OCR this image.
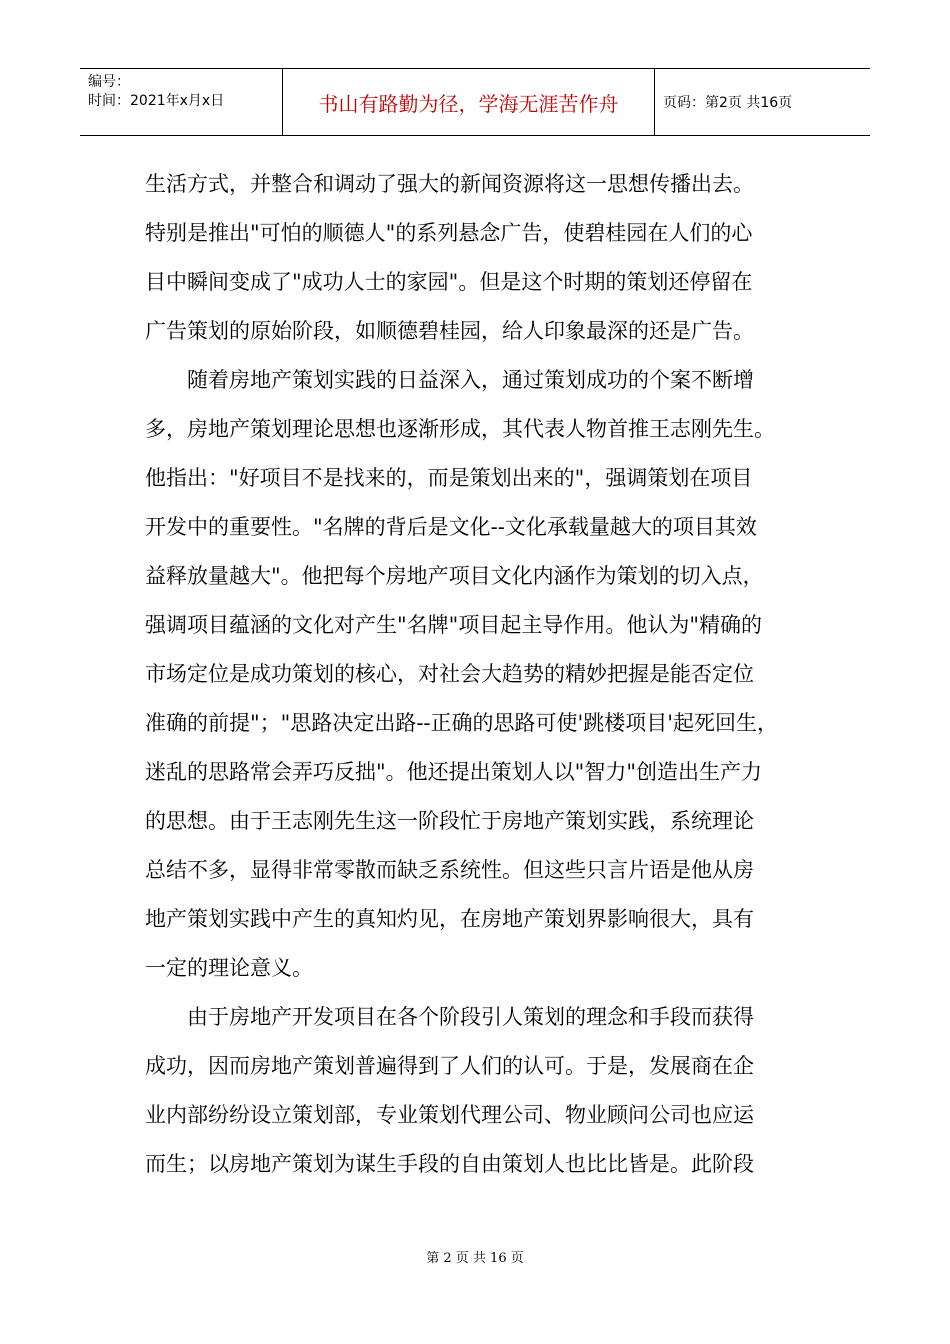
编号：
时间：2021年x月x日	书山有路勤为径，学海无涯苦作舟	页码：第2页 共16页
生活方式，并整合和调动了强大的新闻资源将这一思想传播出去。
特别是推出"可怕的顺德人"的系列悬念广告，使碧桂园在人们的心
目中瞬间变成了"成功人士的家园"。但是这个时期的策划还停留在
广告策划的原始阶段，如顺德碧桂园，给人印象最深的还是广告。
　　随着房地产策划实践的日益深入，通过策划成功的个案不断增
多，房地产策划理论思想也逐渐形成，其代表人物首推王志刚先生。
他指出："好项目不是找来的，而是策划出来的"，强调策划在项目
开发中的重要性。"名牌的背后是文化--文化承载量越大的项目其效
益释放量越大"。他把每个房地产项目文化内涵作为策划的切入点，
强调项目蕴涵的文化对产生"名牌"项目起主导作用。他认为"精确的
市场定位是成功策划的核心，对社会大趋势的精妙把握是能否定位
准确的前提"；"思路决定出路--正确的思路可使'跳楼项目'起死回生，
迷乱的思路常会弄巧反拙"。他还提出策划人以"智力"创造出生产力
的思想。由于王志刚先生这一阶段忙于房地产策划实践，系统理论
总结不多，显得非常零散而缺乏系统性。但这些只言片语是他从房
地产策划实践中产生的真知灼见，在房地产策划界影响很大，具有
一定的理论意义。
　　由于房地产开发项目在各个阶段引人策划的理念和手段而获得
成功，因而房地产策划普遍得到了人们的认可。于是，发展商在企
业内部纷纷设立策划部，专业策划代理公司、物业顾问公司也应运
而生；以房地产策划为谋生手段的自由策划人也比比皆是。此阶段
第 2 页 共 16 页
